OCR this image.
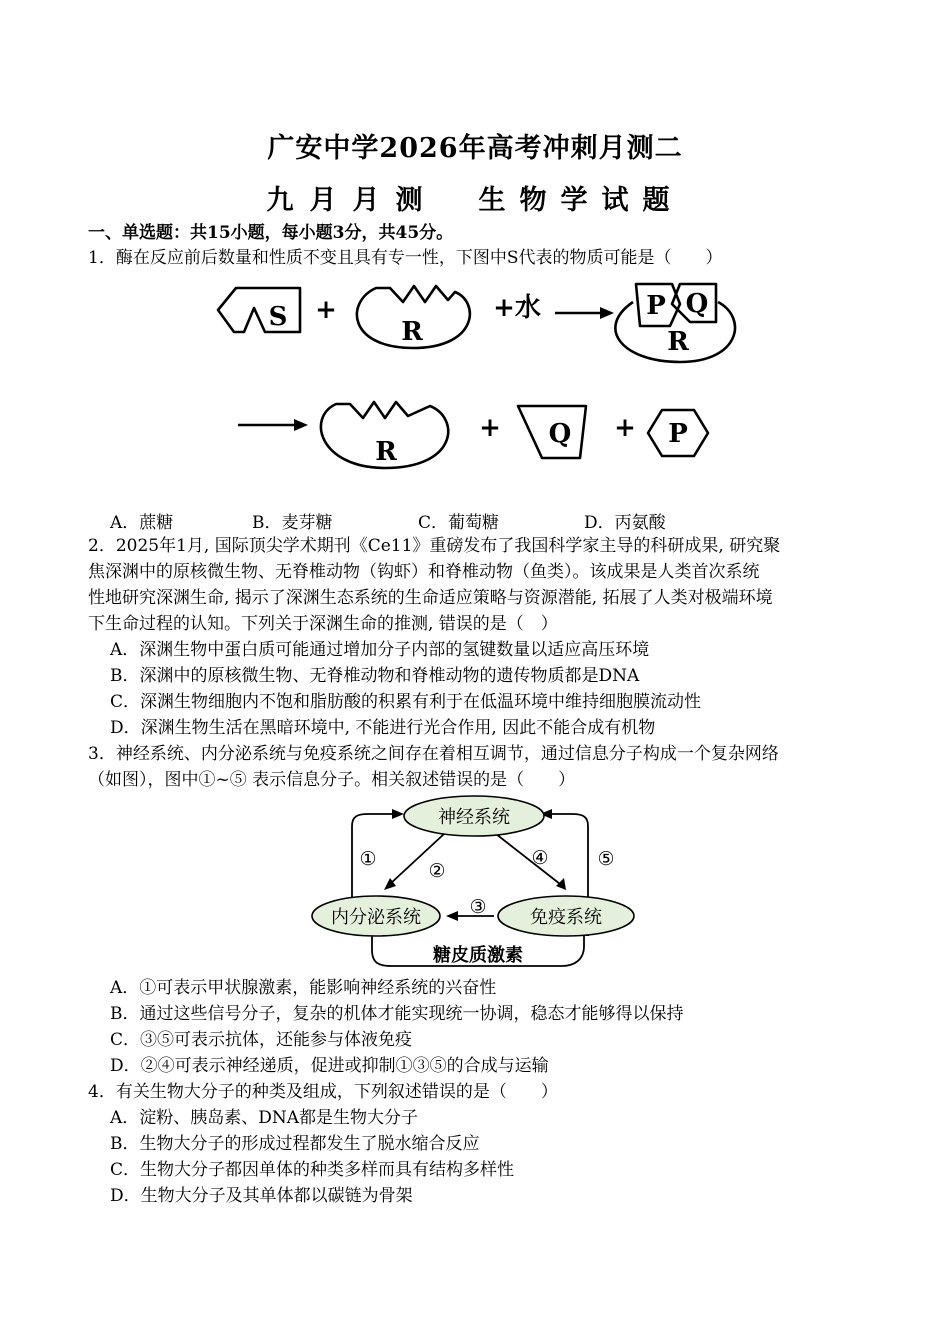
广安中学2026年高考冲刺月测二
九月月测 生物学试题
一、单选题：共15小题，每小题3分，共45分。
1．酶在反应前后数量和性质不变且具有专一性，下图中S代表的物质可能是（　　）
S +
R
+水	P Q
R
R
+ Q + P
A．蔗糖	B．麦芽糖	C．葡萄糖	D．丙氨酸
2．2025年1月, 国际顶尖学术期刊《Ce11》重磅发布了我国科学家主导的科研成果, 研究聚
焦深渊中的原核微生物、无脊椎动物（钩虾）和脊椎动物（鱼类）。该成果是人类首次系统
性地研究深渊生命, 揭示了深渊生态系统的生命适应策略与资源潜能, 拓展了人类对极端环境
下生命过程的认知。下列关于深渊生命的推测, 错误的是（　）
A．深渊生物中蛋白质可能通过增加分子内部的氢键数量以适应高压环境
B．深渊中的原核微生物、无脊椎动物和脊椎动物的遗传物质都是DNA
C．深渊生物细胞内不饱和脂肪酸的积累有利于在低温环境中维持细胞膜流动性
D．深渊生物生活在黑暗环境中, 不能进行光合作用, 因此不能合成有机物
3．神经系统、内分泌系统与免疫系统之间存在着相互调节，通过信息分子构成一个复杂网络
（如图），图中①~⑤ 表示信息分子。相关叙述错误的是（　　）
神经系统
内分泌系统	免疫系统
糖皮质激素
①
②
③
④	⑤
A．①可表示甲状腺激素，能影响神经系统的兴奋性
B．通过这些信号分子，复杂的机体才能实现统一协调，稳态才能够得以保持
C．③⑤可表示抗体，还能参与体液免疫
D．②④可表示神经递质，促进或抑制①③⑤的合成与运输
4．有关生物大分子的种类及组成，下列叙述错误的是（　　）
A．淀粉、胰岛素、DNA都是生物大分子
B．生物大分子的形成过程都发生了脱水缩合反应
C．生物大分子都因单体的种类多样而具有结构多样性
D．生物大分子及其单体都以碳链为骨架
